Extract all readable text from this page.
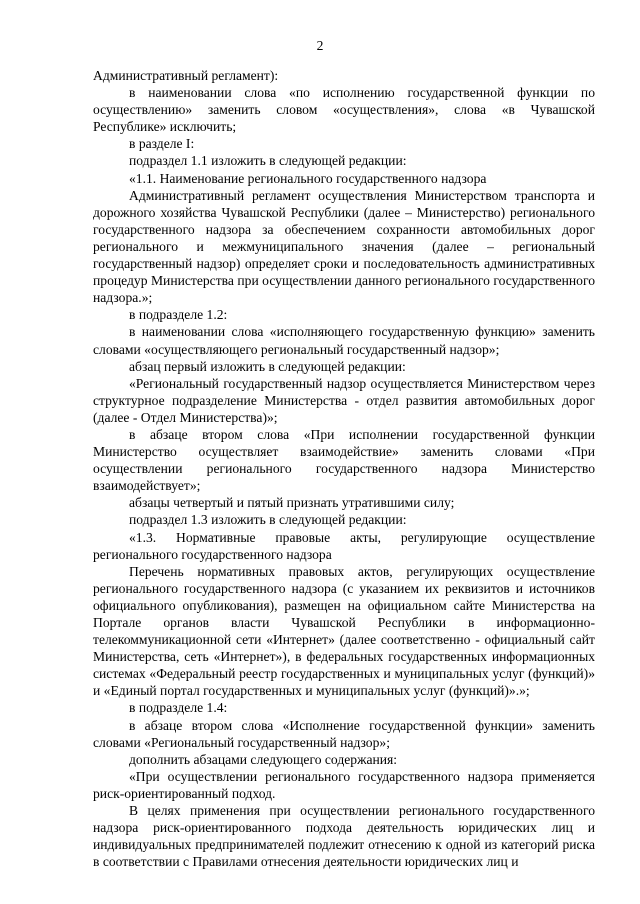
2

Административный регламент):

в наименовании слова «по исполнению государственной функции по осуществлению» заменить словом «осуществления», слова «в Чувашской Республике» исключить;

в разделе I:

подраздел 1.1 изложить в следующей редакции:

«1.1. Наименование регионального государственного надзора

Административный регламент осуществления Министерством транспорта и дорожного хозяйства Чувашской Республики (далее – Министерство) регионального государственного надзора за обеспечением сохранности автомобильных дорог регионального и межмуниципального значения (далее – региональный государственный надзор) определяет сроки и последовательность административных процедур Министерства при осуществлении данного регионального государственного надзора.»;

в подразделе 1.2:

в наименовании слова «исполняющего государственную функцию» заменить словами «осуществляющего региональный государственный надзор»;

абзац первый изложить в следующей редакции:

«Региональный государственный надзор осуществляется Министерством через структурное подразделение Министерства - отдел развития автомобильных дорог (далее - Отдел Министерства)»;

в абзаце втором слова «При исполнении государственной функции Министерство осуществляет взаимодействие» заменить словами «При осуществлении регионального государственного надзора Министерство взаимодействует»;

абзацы четвертый и пятый признать утратившими силу;

подраздел 1.3 изложить в следующей редакции:

«1.3. Нормативные правовые акты, регулирующие осуществление регионального государственного надзора

Перечень нормативных правовых актов, регулирующих осуществление регионального государственного надзора (с указанием их реквизитов и источников официального опубликования), размещен на официальном сайте Министерства на Портале органов власти Чувашской Республики в информационно-телекоммуникационной сети «Интернет» (далее соответственно - официальный сайт Министерства, сеть «Интернет»), в федеральных государственных информационных системах «Федеральный реестр государственных и муниципальных услуг (функций)» и «Единый портал государственных и муниципальных услуг (функций)».»;

в подразделе 1.4:

в абзаце втором слова «Исполнение государственной функции» заменить словами «Региональный государственный надзор»;

дополнить абзацами следующего содержания:

«При осуществлении регионального государственного надзора применяется риск-ориентированный подход.

В целях применения при осуществлении регионального государственного надзора риск-ориентированного подхода деятельность юридических лиц и индивидуальных предпринимателей подлежит отнесению к одной из категорий риска в соответствии с Правилами отнесения деятельности юридических лиц и
